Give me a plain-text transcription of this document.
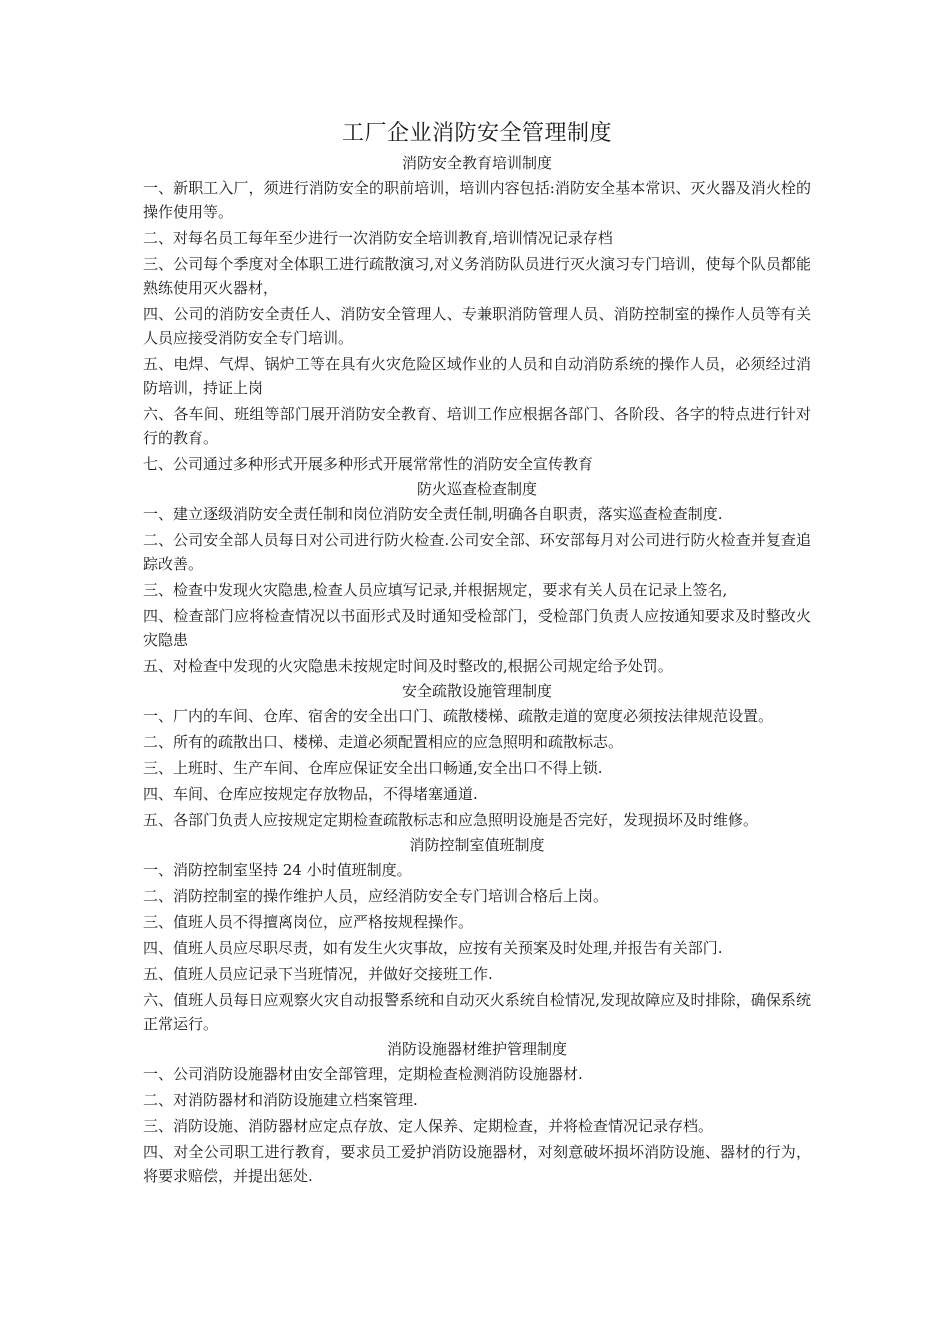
工厂企业消防安全管理制度
消防安全教育培训制度
一、新职工入厂，须进行消防安全的职前培训，培训内容包括:消防安全基本常识、灭火器及消火栓的操作使用等。
二、对每名员工每年至少进行一次消防安全培训教育,培训情况记录存档
三、公司每个季度对全体职工进行疏散演习,对义务消防队员进行灭火演习专门培训，使每个队员都能熟练使用灭火器材，
四、公司的消防安全责任人、消防安全管理人、专兼职消防管理人员、消防控制室的操作人员等有关人员应接受消防安全专门培训。
五、电焊、气焊、锅炉工等在具有火灾危险区域作业的人员和自动消防系统的操作人员，必须经过消防培训，持证上岗
六、各车间、班组等部门展开消防安全教育、培训工作应根据各部门、各阶段、各字的特点进行针对行的教育。
七、公司通过多种形式开展多种形式开展常常性的消防安全宣传教育
防火巡查检查制度
一、建立逐级消防安全责任制和岗位消防安全责任制,明确各自职责，落实巡查检查制度.
二、公司安全部人员每日对公司进行防火检查.公司安全部、环安部每月对公司进行防火检查并复查追踪改善。
三、检查中发现火灾隐患,检查人员应填写记录,并根据规定，要求有关人员在记录上签名,
四、检查部门应将检查情况以书面形式及时通知受检部门，受检部门负责人应按通知要求及时整改火灾隐患
五、对检查中发现的火灾隐患未按规定时间及时整改的,根据公司规定给予处罚。
安全疏散设施管理制度
一、厂内的车间、仓库、宿舍的安全出口门、疏散楼梯、疏散走道的宽度必须按法律规范设置。
二、所有的疏散出口、楼梯、走道必须配置相应的应急照明和疏散标志。
三、上班时、生产车间、仓库应保证安全出口畅通,安全出口不得上锁.
四、车间、仓库应按规定存放物品，不得堵塞通道.
五、各部门负责人应按规定定期检查疏散标志和应急照明设施是否完好，发现损坏及时维修。
消防控制室值班制度
一、消防控制室坚持 24 小时值班制度。
二、消防控制室的操作维护人员，应经消防安全专门培训合格后上岗。
三、值班人员不得擅离岗位，应严格按规程操作。
四、值班人员应尽职尽责，如有发生火灾事故，应按有关预案及时处理,并报告有关部门.
五、值班人员应记录下当班情况，并做好交接班工作.
六、值班人员每日应观察火灾自动报警系统和自动灭火系统自检情况,发现故障应及时排除，确保系统正常运行。
消防设施器材维护管理制度
一、公司消防设施器材由安全部管理，定期检查检测消防设施器材.
二、对消防器材和消防设施建立档案管理.
三、消防设施、消防器材应定点存放、定人保养、定期检查，并将检查情况记录存档。
四、对全公司职工进行教育，要求员工爱护消防设施器材，对刻意破坏损坏消防设施、器材的行为，将要求赔偿，并提出惩处.
